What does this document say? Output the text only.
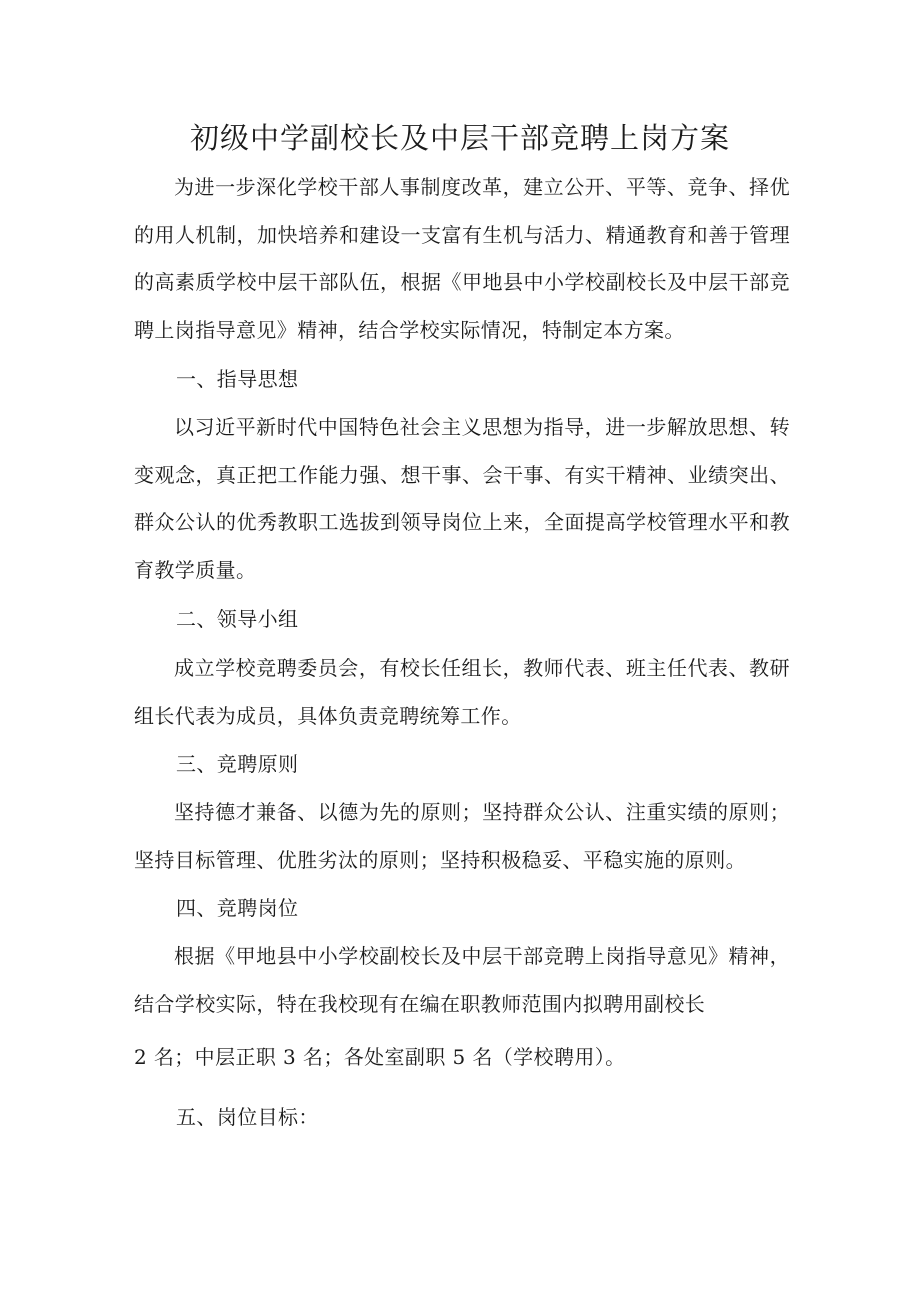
初级中学副校长及中层干部竞聘上岗方案

为进一步深化学校干部人事制度改革，建立公开、平等、竞争、择优的用人机制，加快培养和建设一支富有生机与活力、精通教育和善于管理的高素质学校中层干部队伍，根据《甲地县中小学校副校长及中层干部竞聘上岗指导意见》精神，结合学校实际情况，特制定本方案。

一、指导思想

以习近平新时代中国特色社会主义思想为指导，进一步解放思想、转变观念，真正把工作能力强、想干事、会干事、有实干精神、业绩突出、群众公认的优秀教职工选拔到领导岗位上来，全面提高学校管理水平和教育教学质量。

二、领导小组

成立学校竞聘委员会，有校长任组长，教师代表、班主任代表、教研组长代表为成员，具体负责竞聘统筹工作。

三、竞聘原则

坚持德才兼备、以德为先的原则；坚持群众公认、注重实绩的原则；坚持目标管理、优胜劣汰的原则；坚持积极稳妥、平稳实施的原则。

四、竞聘岗位

根据《甲地县中小学校副校长及中层干部竞聘上岗指导意见》精神，结合学校实际，特在我校现有在编在职教师范围内拟聘用副校长

2 名；中层正职 3 名；各处室副职 5 名（学校聘用）。

五、岗位目标：
